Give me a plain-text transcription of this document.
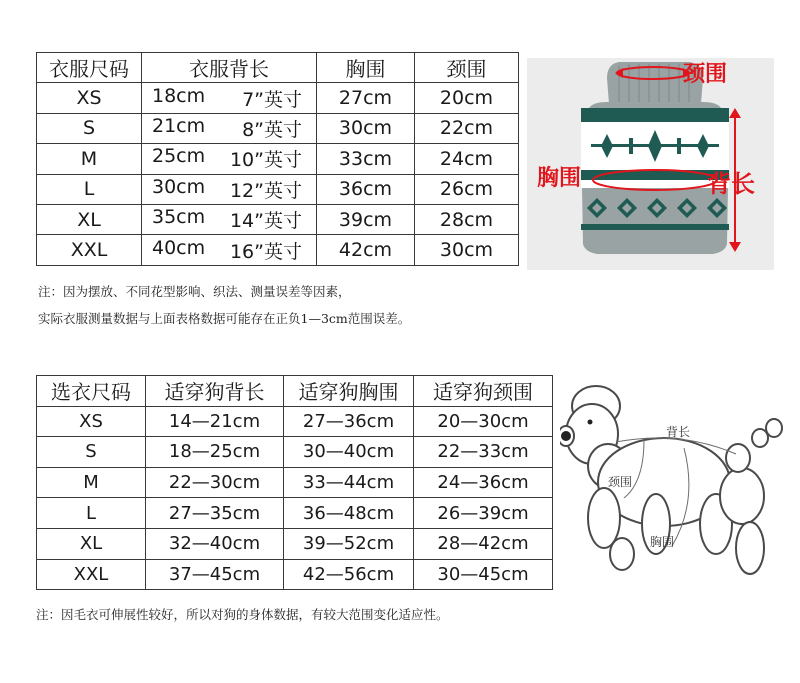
衣服尺码	衣服背长	胸围	颈围
XS	18cm 7”英寸	27cm	20cm
S	21cm 8”英寸	30cm	22cm
M	25cm 10”英寸	33cm	24cm
L	30cm 12”英寸	36cm	26cm
XL	35cm 14”英寸	39cm	28cm
XXL	40cm 16”英寸	42cm	30cm
注：因为摆放、不同花型影响、织法、测量误差等因素，
实际衣服测量数据与上面表格数据可能存在正负1—3cm范围误差。
颈围
胸围	背长
选衣尺码	适穿狗背长	适穿狗胸围	适穿狗颈围
XS	14—21cm	27—36cm	20—30cm
S	18—25cm	30—40cm	22—33cm
M	22—30cm	33—44cm	24—36cm
L	27—35cm	36—48cm	26—39cm
XL	32—40cm	39—52cm	28—42cm
XXL	37—45cm	42—56cm	30—45cm
背长
颈围
胸围
注：因毛衣可伸展性较好，所以对狗的身体数据，有较大范围变化适应性。
